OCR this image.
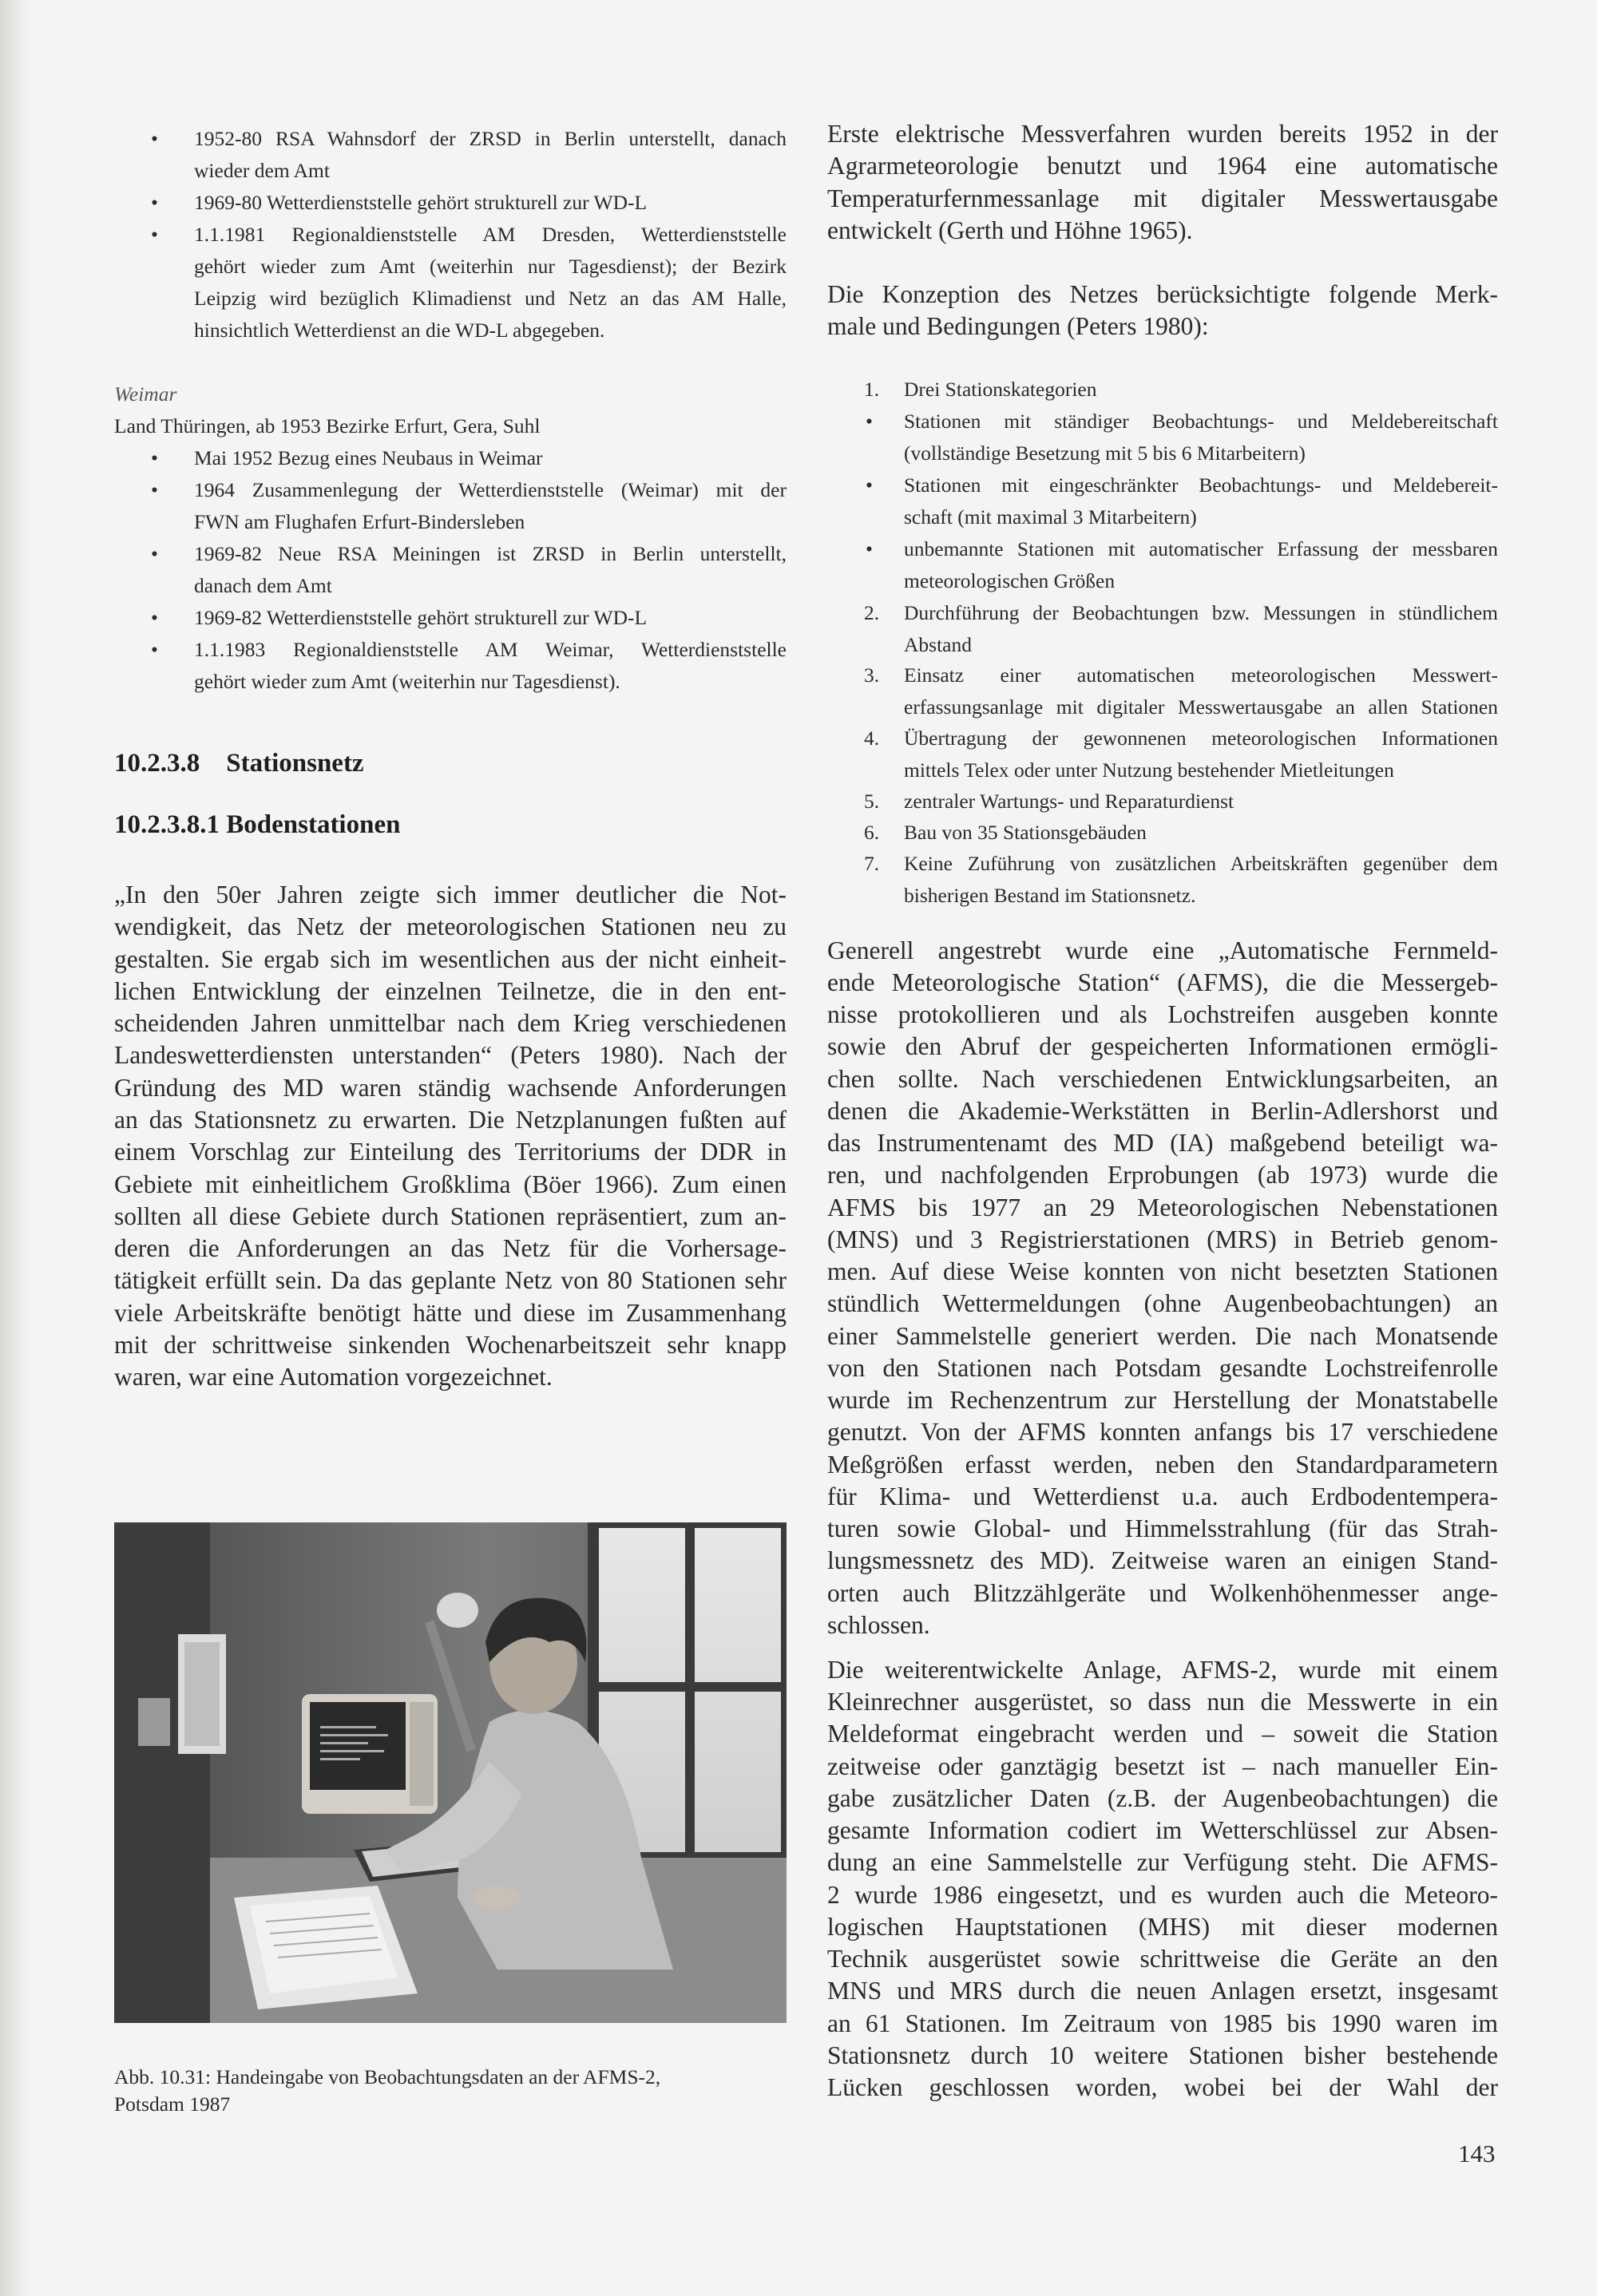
•	1952-80 RSA Wahnsdorf der ZRSD in Berlin unterstellt, danach
wieder dem Amt
•	1969-80 Wetterdienststelle gehört strukturell zur WD-L
•	1.1.1981 Regionaldienststelle AM Dresden, Wetterdienststelle
gehört wieder zum Amt (weiterhin nur Tagesdienst); der Bezirk
Leipzig wird bezüglich Klimadienst und Netz an das AM Halle,
hinsichtlich Wetterdienst an die WD-L abgegeben.
Weimar
Land Thüringen, ab 1953 Bezirke Erfurt, Gera, Suhl
•	Mai 1952 Bezug eines Neubaus in Weimar
•	1964 Zusammenlegung der Wetterdienststelle (Weimar) mit der
FWN am Flughafen Erfurt-Bindersleben
•	1969-82 Neue RSA Meiningen ist ZRSD in Berlin unterstellt,
danach dem Amt
•	1969-82 Wetterdienststelle gehört strukturell zur WD-L
•	1.1.1983 Regionaldienststelle AM Weimar, Wetterdienststelle
gehört wieder zum Amt (weiterhin nur Tagesdienst).
10.2.3.8 Stationsnetz
10.2.3.8.1 Bodenstationen
„In den 50er Jahren zeigte sich immer deutlicher die Not-
wendigkeit, das Netz der meteorologischen Stationen neu zu
gestalten. Sie ergab sich im wesentlichen aus der nicht einheit-
lichen Entwicklung der einzelnen Teilnetze, die in den ent-
scheidenden Jahren unmittelbar nach dem Krieg verschiedenen
Landeswetterdiensten unterstanden“ (Peters 1980). Nach der
Gründung des MD waren ständig wachsende Anforderungen
an das Stationsnetz zu erwarten. Die Netzplanungen fußten auf
einem Vorschlag zur Einteilung des Territoriums der DDR in
Gebiete mit einheitlichem Großklima (Böer 1966). Zum einen
sollten all diese Gebiete durch Stationen repräsentiert, zum an-
deren die Anforderungen an das Netz für die Vorhersage-
tätigkeit erfüllt sein. Da das geplante Netz von 80 Stationen sehr
viele Arbeitskräfte benötigt hätte und diese im Zusammenhang
mit der schrittweise sinkenden Wochenarbeitszeit sehr knapp
waren, war eine Automation vorgezeichnet.
Abb. 10.31: Handeingabe von Beobachtungsdaten an der AFMS-2,
Potsdam 1987
Erste elektrische Messverfahren wurden bereits 1952 in der
Agrarmeteorologie benutzt und 1964 eine automatische
Temperaturfernmessanlage mit digitaler Messwertausgabe
entwickelt (Gerth und Höhne 1965).
Die Konzeption des Netzes berücksichtigte folgende Merk-
male und Bedingungen (Peters 1980):
1.	Drei Stationskategorien
•	Stationen mit ständiger Beobachtungs- und Meldebereitschaft
(vollständige Besetzung mit 5 bis 6 Mitarbeitern)
•	Stationen mit eingeschränkter Beobachtungs- und Meldebereit-
schaft (mit maximal 3 Mitarbeitern)
•	unbemannte Stationen mit automatischer Erfassung der messbaren
meteorologischen Größen
2.	Durchführung der Beobachtungen bzw. Messungen in stündlichem
Abstand
3.	Einsatz einer automatischen meteorologischen Messwert-
erfassungsanlage mit digitaler Messwertausgabe an allen Stationen
4.	Übertragung der gewonnenen meteorologischen Informationen
mittels Telex oder unter Nutzung bestehender Mietleitungen
5.	zentraler Wartungs- und Reparaturdienst
6.	Bau von 35 Stationsgebäuden
7.	Keine Zuführung von zusätzlichen Arbeitskräften gegenüber dem
bisherigen Bestand im Stationsnetz.
Generell angestrebt wurde eine „Automatische Fernmeld-
ende Meteorologische Station“ (AFMS), die die Messergeb-
nisse protokollieren und als Lochstreifen ausgeben konnte
sowie den Abruf der gespeicherten Informationen ermögli-
chen sollte. Nach verschiedenen Entwicklungsarbeiten, an
denen die Akademie-Werkstätten in Berlin-Adlershorst und
das Instrumentenamt des MD (IA) maßgebend beteiligt wa-
ren, und nachfolgenden Erprobungen (ab 1973) wurde die
AFMS bis 1977 an 29 Meteorologischen Nebenstationen
(MNS) und 3 Registrierstationen (MRS) in Betrieb genom-
men. Auf diese Weise konnten von nicht besetzten Stationen
stündlich Wettermeldungen (ohne Augenbeobachtungen) an
einer Sammelstelle generiert werden. Die nach Monatsende
von den Stationen nach Potsdam gesandte Lochstreifenrolle
wurde im Rechenzentrum zur Herstellung der Monatstabelle
genutzt. Von der AFMS konnten anfangs bis 17 verschiedene
Meßgrößen erfasst werden, neben den Standardparametern
für Klima- und Wetterdienst u.a. auch Erdbodentempera-
turen sowie Global- und Himmelsstrahlung (für das Strah-
lungsmessnetz des MD). Zeitweise waren an einigen Stand-
orten auch Blitzzählgeräte und Wolkenhöhenmesser ange-
schlossen.
Die weiterentwickelte Anlage, AFMS-2, wurde mit einem
Kleinrechner ausgerüstet, so dass nun die Messwerte in ein
Meldeformat eingebracht werden und – soweit die Station
zeitweise oder ganztägig besetzt ist – nach manueller Ein-
gabe zusätzlicher Daten (z.B. der Augenbeobachtungen) die
gesamte Information codiert im Wetterschlüssel zur Absen-
dung an eine Sammelstelle zur Verfügung steht. Die AFMS-
2 wurde 1986 eingesetzt, und es wurden auch die Meteoro-
logischen Hauptstationen (MHS) mit dieser modernen
Technik ausgerüstet sowie schrittweise die Geräte an den
MNS und MRS durch die neuen Anlagen ersetzt, insgesamt
an 61 Stationen. Im Zeitraum von 1985 bis 1990 waren im
Stationsnetz durch 10 weitere Stationen bisher bestehende
Lücken geschlossen worden, wobei bei der Wahl der
143
